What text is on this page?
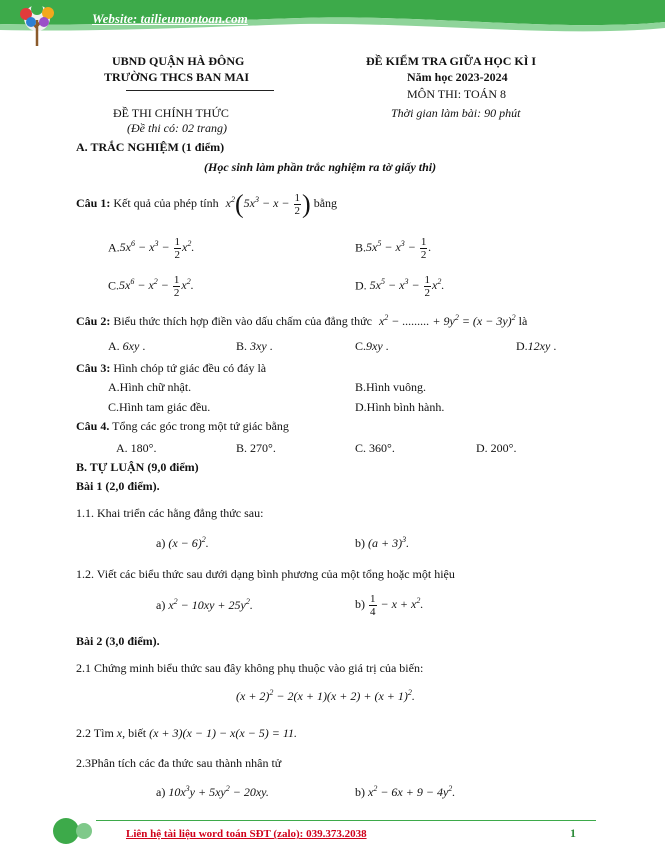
Website: tailieumontoan.com
UBND QUẬN HÀ ĐÔNG
TRƯỜNG THCS BAN MAI
ĐỀ THI CHÍNH THỨC
(Đề thi có: 02 trang)
ĐỀ KIỂM TRA GIỮA HỌC KÌ I
Năm học 2023-2024
MÔN THI: TOÁN 8
Thời gian làm bài: 90 phút
A. TRẮC NGHIỆM (1 điểm)
(Học sinh làm phần trắc nghiệm ra tờ giấy thi)
Câu 1: Kết quả của phép tính $x^2(5x^3 - x - \frac{1}{2}$ ) bằng
$A.5x^6 - x^3 - \frac{1}{2} x^2$.	$B.5x^5 - x^3 - \frac{1}{2}$ .
$C.5x^6 - x^2 - \frac{1}{2} x^2$.	D. $5x^5 - x^3 - \frac{1}{2} x^2$.
Câu 2: Biểu thức thích hợp điền vào dấu chấm của đẳng thức $x^2$ − ......... + $9y^2 = (x - 3y)^2$ là
A. 6xy .	B. 3xy .	C.9xy .	D.12xy .
Câu 3: Hình chóp tứ giác đều có đáy là
A.Hình chữ nhật.	B.Hình vuông.
C.Hình tam giác đều.	D.Hình bình hành.
Câu 4. Tổng các góc trong một tứ giác bằng
A. 180°.	B. 270°.	C. 360°.	D. 200°.
B. TỰ LUẬN (9,0 điểm)
Bài 1 (2,0 điểm).
1.1. Khai triển các hằng đẳng thức sau:
a) $(x - 6)^2$.	b) $(a + 3)^3$.
1.2. Viết các biểu thức sau dưới dạng bình phương của một tổng hoặc một hiệu
a) $x^2 - 10xy + 25y^2$.	$b) \frac{1}{4} - x + x^2$.
Bài 2 (3,0 điểm).
2.1 Chứng minh biểu thức sau đây không phụ thuộc vào giá trị của biến:
$(x + 2)^2 - 2(x + 1)(x + 2) + (x + 1)^2$.
2.2 Tìm x, biết (x + 3)(x − 1) − x(x − 5) = 11.
2.3Phân tích các đa thức sau thành nhân tử
a) $10x^3y + 5xy^2 - 20xy$.	b) $x^2 - 6x + 9 - 4y^2$.
Liên hệ tài liệu word toán SĐT (zalo): 039.373.2038	1
